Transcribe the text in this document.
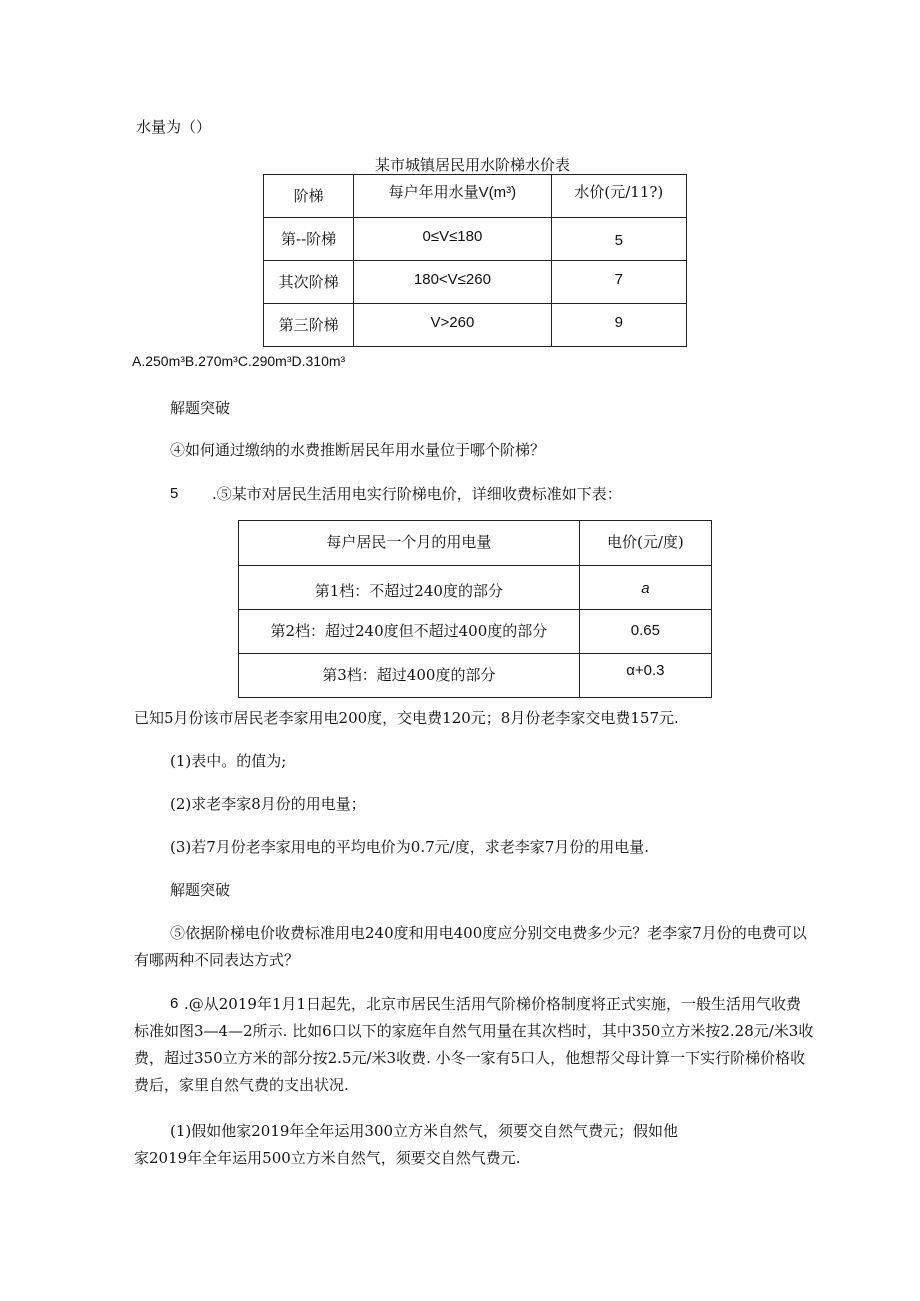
水量为（）
某市城镇居民用水阶梯水价表
阶梯	每户年用水量V(m³)	水价(元/11?)

第--阶梯	0≤V≤180	5

其次阶梯	180<V≤260	7

第三阶梯	V>260	9
A.250m³B.270m³C.290m³D.310m³
解题突破
④如何通过缴纳的水费推断居民年用水量位于哪个阶梯？
5 .⑤某市对居民生活用电实行阶梯电价，详细收费标准如下表：
每户居民一个月的用电量	电价(元/度)

第1档：不超过240度的部分	a

第2档：超过240度但不超过400度的部分	0.65

第3档：超过400度的部分	α+0.3
已知5月份该市居民老李家用电200度，交电费120元；8月份老李家交电费157元.
(1)表中。的值为;
(2)求老李家8月份的用电量；
(3)若7月份老李家用电的平均电价为0.7元/度，求老李家7月份的用电量.
解题突破
⑤依据阶梯电价收费标准用电240度和用电400度应分别交电费多少元？老李家7月份的电费可以
有哪两种不同表达方式？
6 .@从2019年1月1日起先，北京市居民生活用气阶梯价格制度将正式实施，一般生活用气收费
标准如图3—4—2所示. 比如6口以下的家庭年自然气用量在其次档时，其中350立方米按2.28元/米3收
费，超过350立方米的部分按2.5元/米3收费. 小冬一家有5口人，他想帮父母计算一下实行阶梯价格收
费后，家里自然气费的支出状况.
(1)假如他家2019年全年运用300立方米自然气，须要交自然气费元；假如他
家2019年全年运用500立方米自然气，须要交自然气费元.
